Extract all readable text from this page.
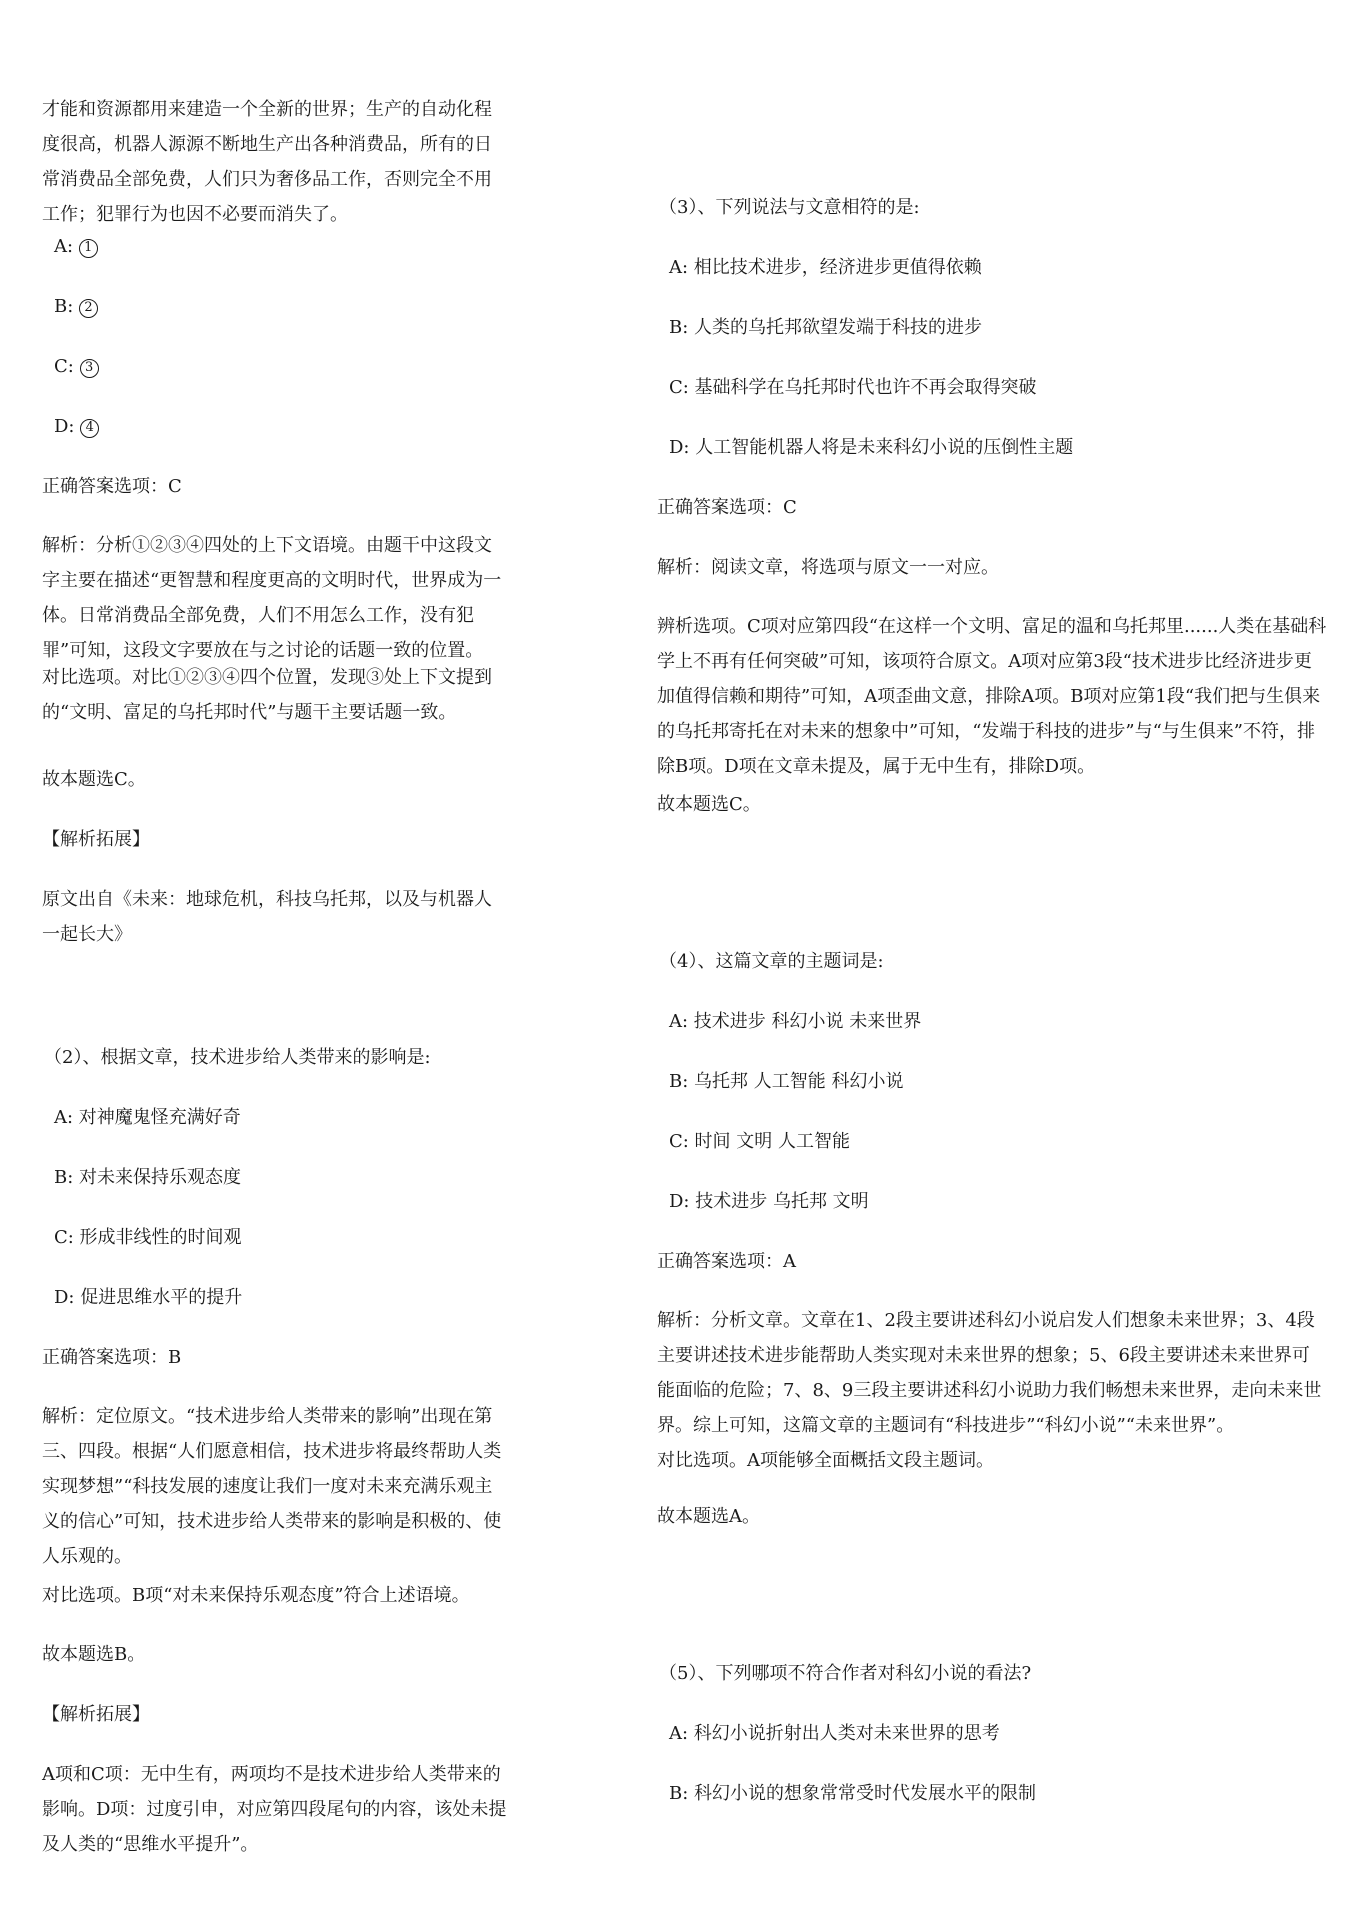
才能和资源都用来建造一个全新的世界；生产的自动化程度很高，机器人源源不断地生产出各种消费品，所有的日常消费品全部免费，人们只为奢侈品工作，否则完全不用工作；犯罪行为也因不必要而消失了。

A: 1
B: 2
C: 3
D: 4

正确答案选项：C

解析：分析①②③④四处的上下文语境。由题干中这段文字主要在描述“更智慧和程度更高的文明时代，世界成为一体。日常消费品全部免费，人们不用怎么工作，没有犯罪”可知，这段文字要放在与之讨论的话题一致的位置。

对比选项。对比①②③④四个位置，发现③处上下文提到的“文明、富足的乌托邦时代”与题干主要话题一致。

故本题选C。

【解析拓展】

原文出自《未来：地球危机，科技乌托邦，以及与机器人一起长大》

（2）、根据文章，技术进步给人类带来的影响是:

A: 对神魔鬼怪充满好奇
B: 对未来保持乐观态度
C: 形成非线性的时间观
D: 促进思维水平的提升

正确答案选项：B

解析：定位原文。“技术进步给人类带来的影响”出现在第三、四段。根据“人们愿意相信，技术进步将最终帮助人类实现梦想”“科技发展的速度让我们一度对未来充满乐观主义的信心”可知，技术进步给人类带来的影响是积极的、使人乐观的。

对比选项。B项“对未来保持乐观态度”符合上述语境。

故本题选B。

【解析拓展】

A项和C项：无中生有，两项均不是技术进步给人类带来的影响。D项：过度引申，对应第四段尾句的内容，该处未提及人类的“思维水平提升”。

（3）、下列说法与文意相符的是:

A: 相比技术进步，经济进步更值得依赖
B: 人类的乌托邦欲望发端于科技的进步
C: 基础科学在乌托邦时代也许不再会取得突破
D: 人工智能机器人将是未来科幻小说的压倒性主题

正确答案选项：C

解析：阅读文章，将选项与原文一一对应。

辨析选项。C项对应第四段“在这样一个文明、富足的温和乌托邦里......人类在基础科学上不再有任何突破”可知，该项符合原文。A项对应第3段“技术进步比经济进步更加值得信赖和期待”可知，A项歪曲文意，排除A项。B项对应第1段“我们把与生俱来的乌托邦寄托在对未来的想象中”可知，“发端于科技的进步”与“与生俱来”不符，排除B项。D项在文章未提及，属于无中生有，排除D项。

故本题选C。

（4）、这篇文章的主题词是:

A: 技术进步 科幻小说 未来世界
B: 乌托邦 人工智能 科幻小说
C: 时间 文明 人工智能
D: 技术进步 乌托邦 文明

正确答案选项：A

解析：分析文章。文章在1、2段主要讲述科幻小说启发人们想象未来世界；3、4段主要讲述技术进步能帮助人类实现对未来世界的想象；5、6段主要讲述未来世界可能面临的危险；7、8、9三段主要讲述科幻小说助力我们畅想未来世界，走向未来世界。综上可知，这篇文章的主题词有“科技进步”“科幻小说”“未来世界”。

对比选项。A项能够全面概括文段主题词。

故本题选A。

（5）、下列哪项不符合作者对科幻小说的看法?

A: 科幻小说折射出人类对未来世界的思考
B: 科幻小说的想象常常受时代发展水平的限制
